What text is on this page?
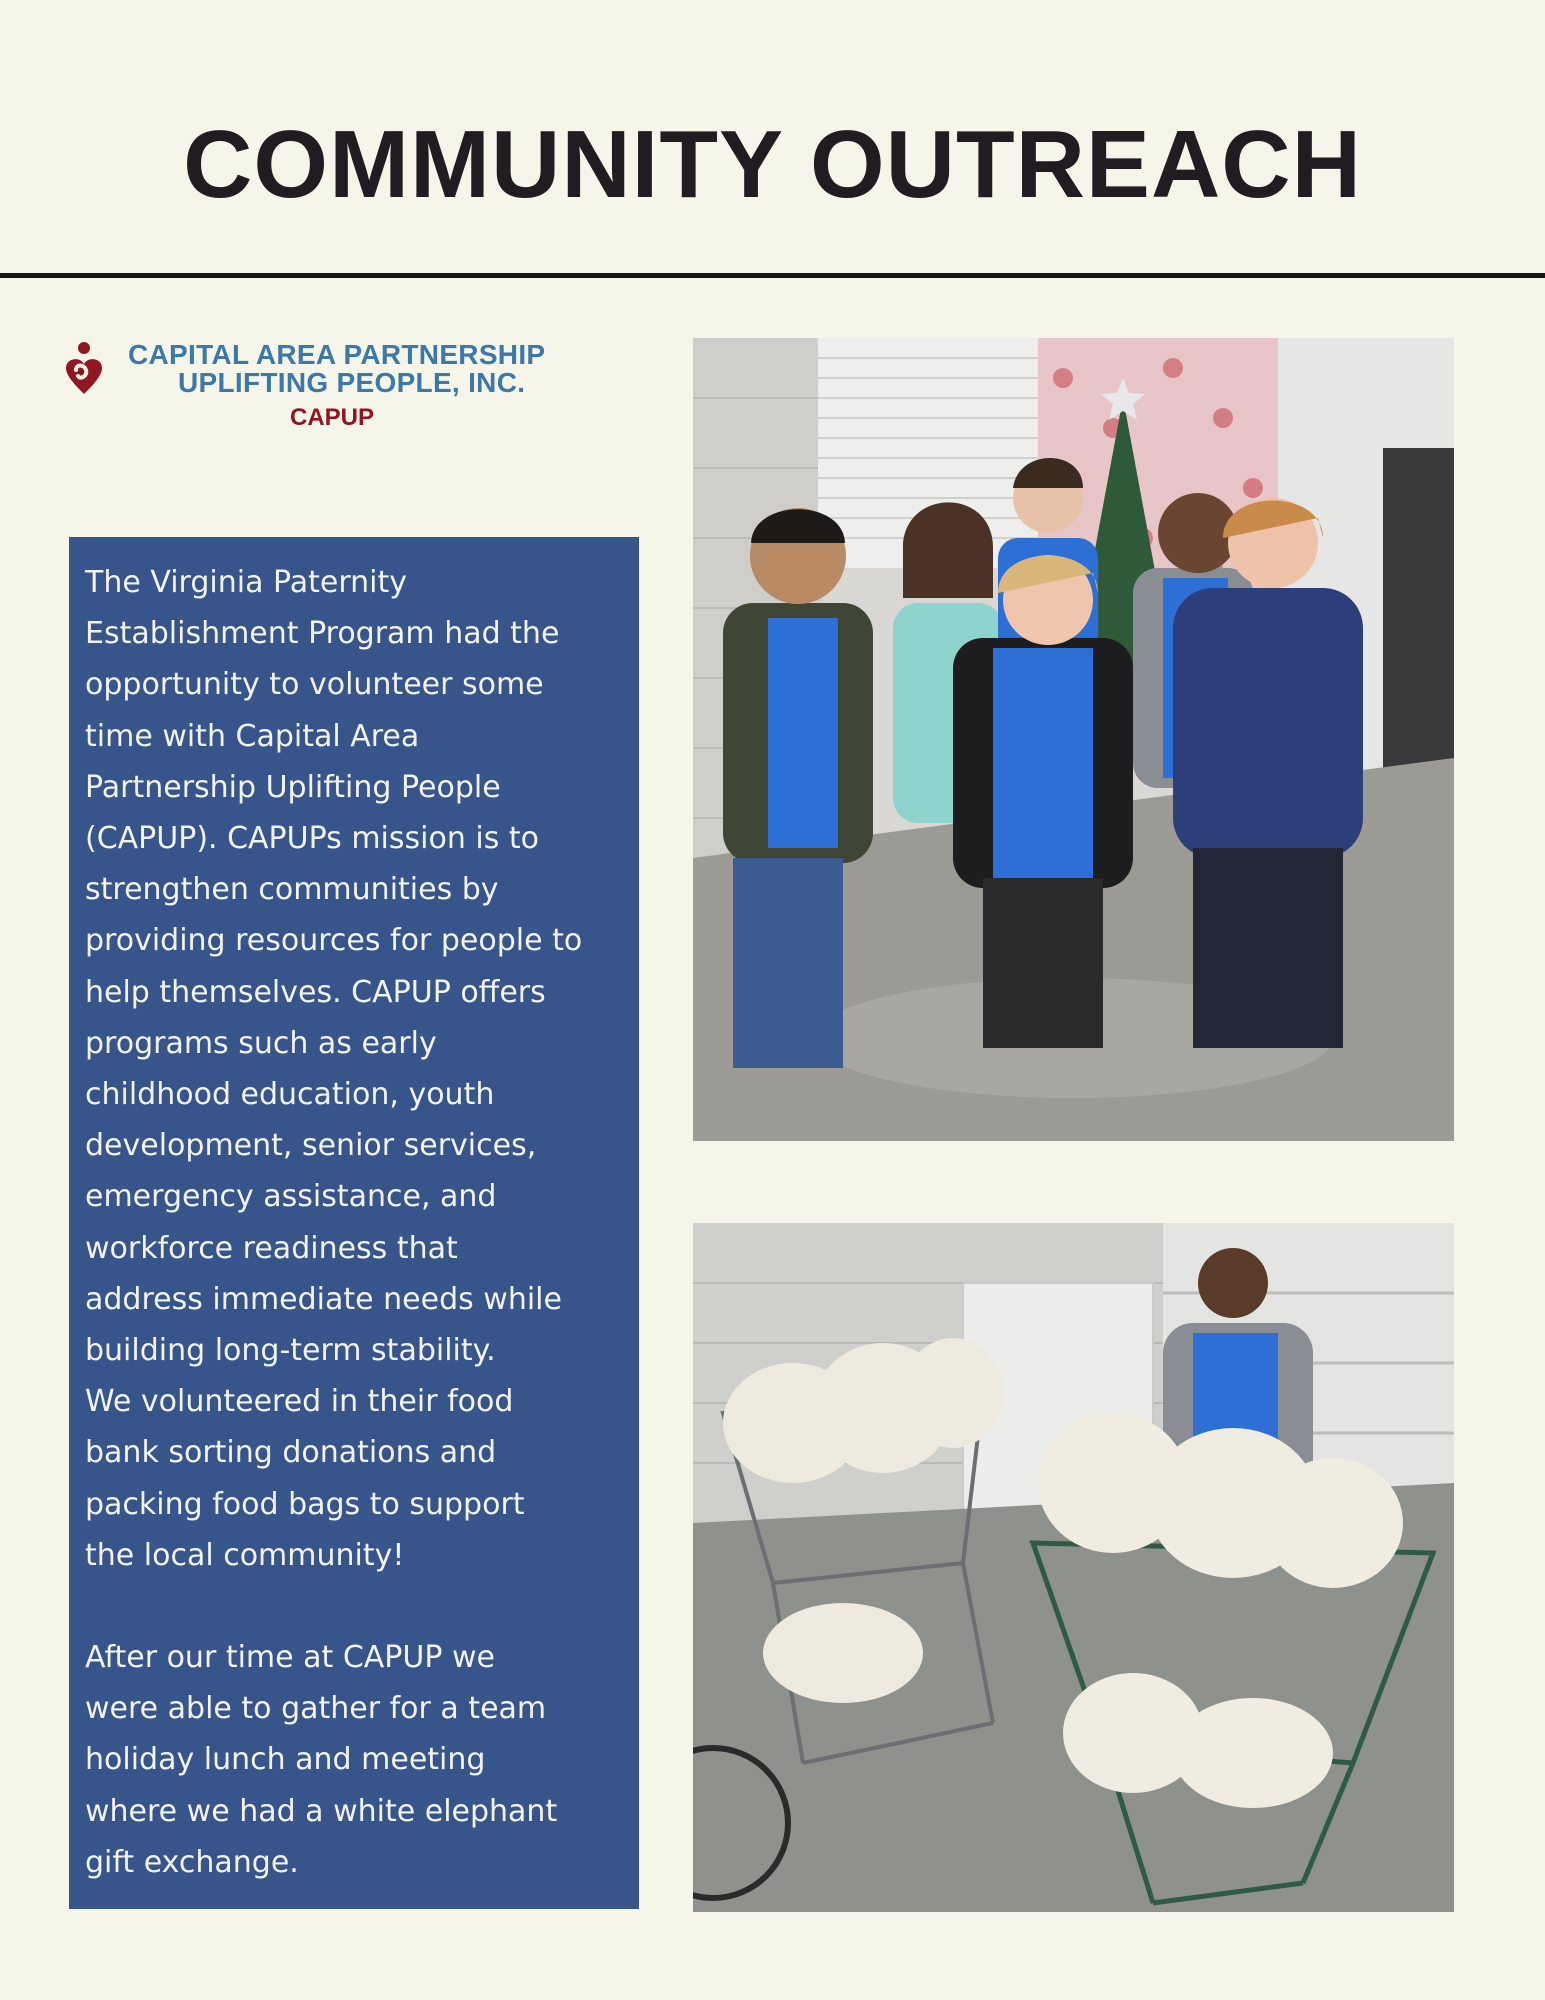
COMMUNITY OUTREACH
CAPITAL AREA PARTNERSHIP
UPLIFTING PEOPLE, INC.
CAPUP

The Virginia Paternity
Establishment Program had the
opportunity to volunteer some
time with Capital Area
Partnership Uplifting People
(CAPUP). CAPUPs mission is to
strengthen communities by
providing resources for people to
help themselves. CAPUP offers
programs such as early
childhood education, youth
development, senior services,
emergency assistance, and
workforce readiness that
address immediate needs while
building long-term stability.
We volunteered in their food
bank sorting donations and
packing food bags to support
the local community!

After our time at CAPUP we
were able to gather for a team
holiday lunch and meeting
where we had a white elephant
gift exchange.
